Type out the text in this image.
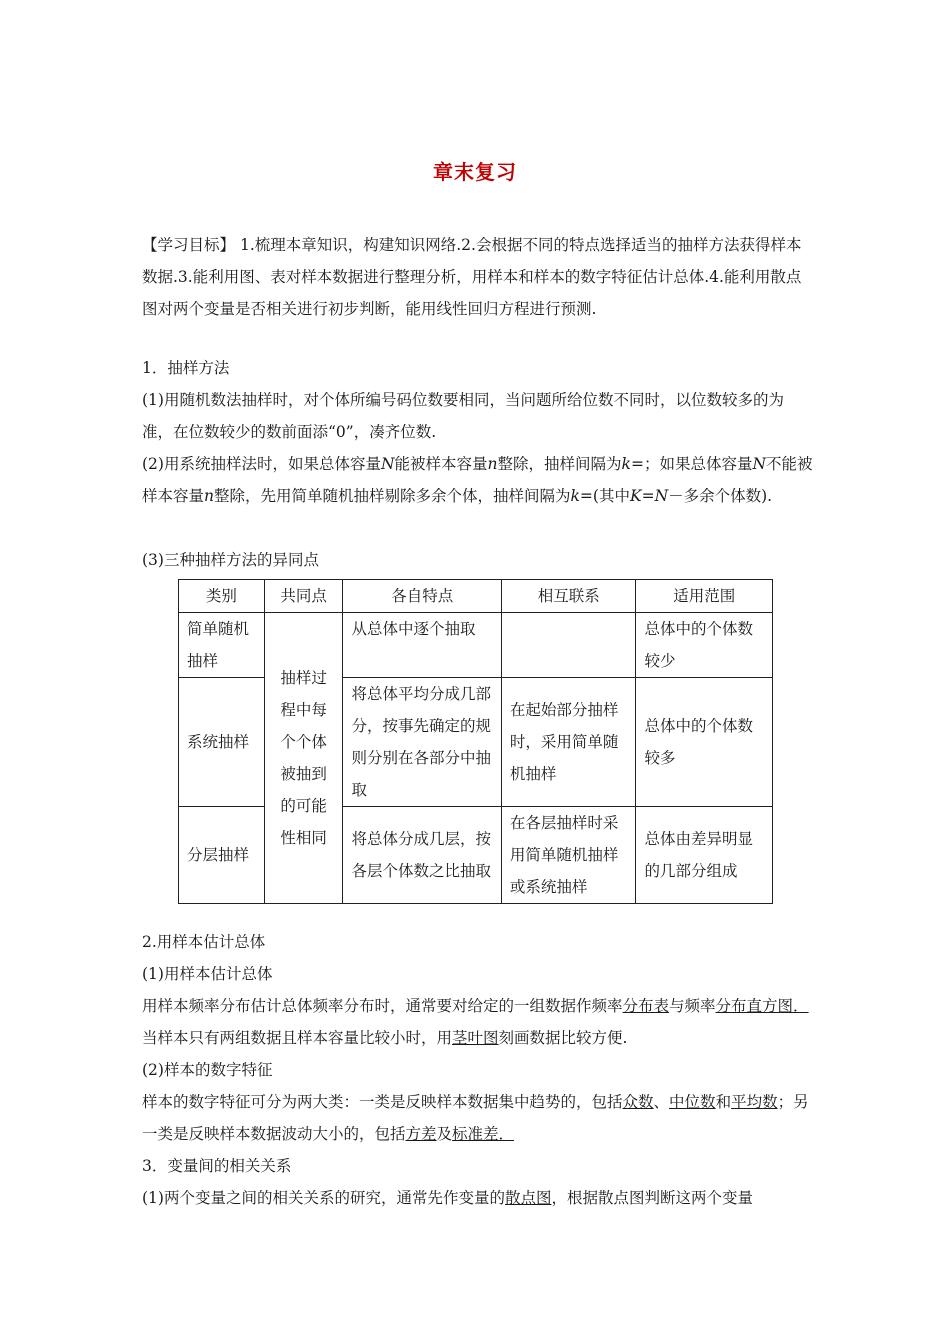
章末复习

【学习目标】 1.梳理本章知识，构建知识网络.2.会根据不同的特点选择适当的抽样方法获得样本数据.3.能利用图、表对样本数据进行整理分析，用样本和样本的数字特征估计总体.4.能利用散点图对两个变量是否相关进行初步判断，能用线性回归方程进行预测.

1．抽样方法

(1)用随机数法抽样时，对个体所编号码位数要相同，当问题所给位数不同时，以位数较多的为准，在位数较少的数前面添“0”，凑齐位数.

(2)用系统抽样法时，如果总体容量N能被样本容量n整除，抽样间隔为k=；如果总体容量N不能被样本容量n整除，先用简单随机抽样剔除多余个体，抽样间隔为k=(其中K=N－多余个体数).

(3)三种抽样方法的异同点

类别	共同点	各自特点	相互联系	适用范围
简单随机抽样	抽样过程中每个个体被抽到的可能性相同	从总体中逐个抽取		总体中的个体数较少
系统抽样		将总体平均分成几部分，按事先确定的规则分别在各部分中抽取	在起始部分抽样时，采用简单随机抽样	总体中的个体数较多
分层抽样		将总体分成几层，按各层个体数之比抽取	在各层抽样时采用简单随机抽样或系统抽样	总体由差异明显的几部分组成

2.用样本估计总体

(1)用样本估计总体

用样本频率分布估计总体频率分布时，通常要对给定的一组数据作频率分布表与频率分布直方图．当样本只有两组数据且样本容量比较小时，用茎叶图刻画数据比较方便.

(2)样本的数字特征

样本的数字特征可分为两大类：一类是反映样本数据集中趋势的，包括众数、中位数和平均数；另一类是反映样本数据波动大小的，包括方差及标准差．

3．变量间的相关关系

(1)两个变量之间的相关关系的研究，通常先作变量的散点图，根据散点图判断这两个变量
